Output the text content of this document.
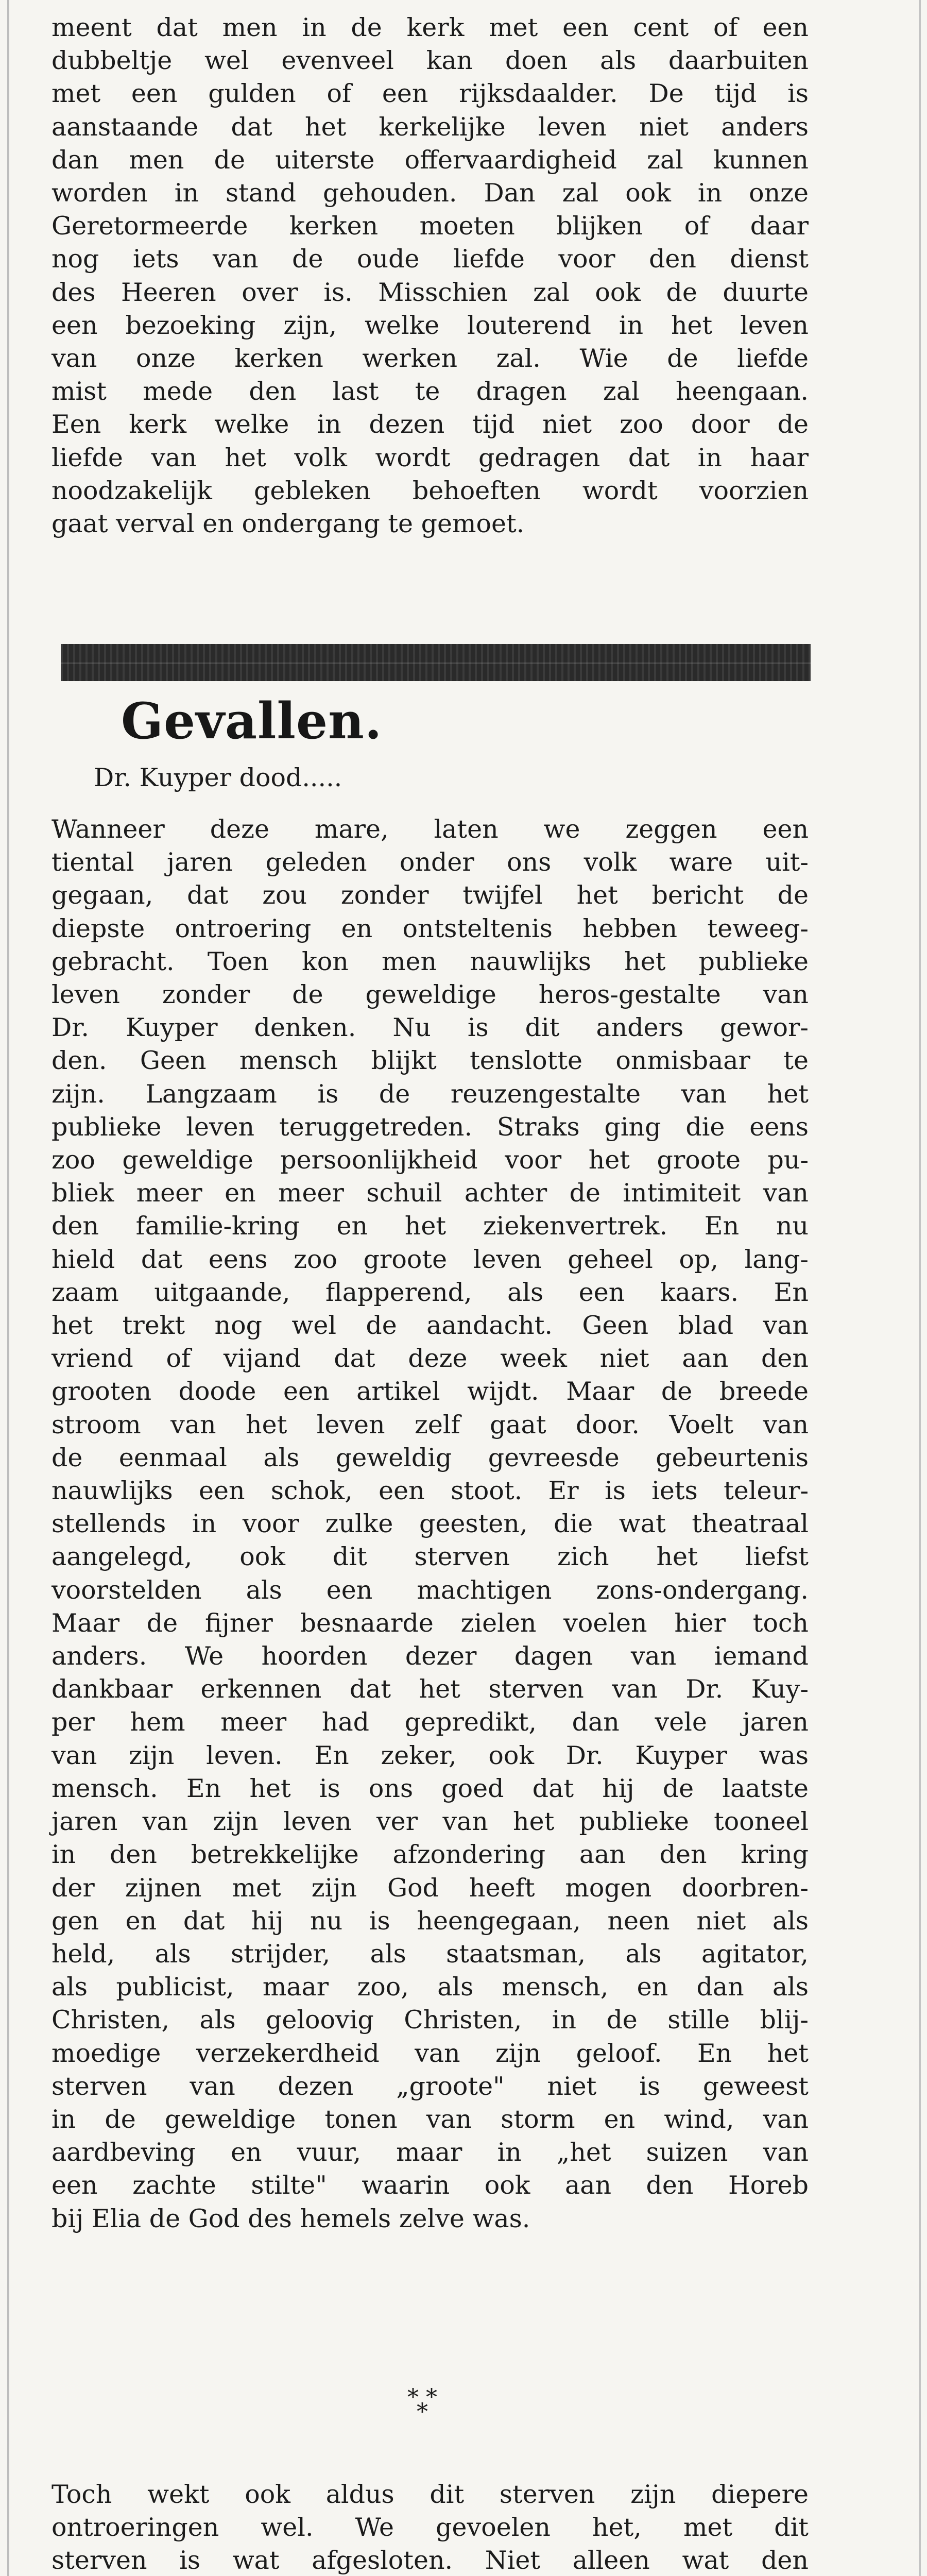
meent dat men in de kerk met een cent of een
dubbeltje wel evenveel kan doen als daarbuiten
met een gulden of een rijksdaalder. De tijd is
aanstaande dat het kerkelijke leven niet anders
dan men de uiterste offervaardigheid zal kunnen
worden in stand gehouden. Dan zal ook in onze
Geretormeerde kerken moeten blijken of daar
nog iets van de oude liefde voor den dienst
des Heeren over is. Misschien zal ook de duurte
een bezoeking zijn, welke louterend in het leven
van onze kerken werken zal. Wie de liefde
mist mede den last te dragen zal heengaan.
Een kerk welke in dezen tijd niet zoo door de
liefde van het volk wordt gedragen dat in haar
noodzakelijk gebleken behoeften wordt voorzien
gaat verval en ondergang te gemoet.
Gevallen.

Dr. Kuyper dood.....

Wanneer deze mare, laten we zeggen een
tiental jaren geleden onder ons volk ware uit-
gegaan, dat zou zonder twijfel het bericht de
diepste ontroering en ontsteltenis hebben teweeg-
gebracht. Toen kon men nauwlijks het publieke
leven zonder de geweldige heros-gestalte van
Dr. Kuyper denken. Nu is dit anders gewor-
den. Geen mensch blijkt tenslotte onmisbaar te
zijn. Langzaam is de reuzengestalte van het
publieke leven teruggetreden. Straks ging die eens
zoo geweldige persoonlijkheid voor het groote pu-
bliek meer en meer schuil achter de intimiteit van
den familie-kring en het ziekenvertrek. En nu
hield dat eens zoo groote leven geheel op, lang-
zaam uitgaande, flapperend, als een kaars. En
het trekt nog wel de aandacht. Geen blad van
vriend of vijand dat deze week niet aan den
grooten doode een artikel wijdt. Maar de breede
stroom van het leven zelf gaat door. Voelt van
de eenmaal als geweldig gevreesde gebeurtenis
nauwlijks een schok, een stoot. Er is iets teleur-
stellends in voor zulke geesten, die wat theatraal
aangelegd, ook dit sterven zich het liefst
voorstelden als een machtigen zons-ondergang.
Maar de fijner besnaarde zielen voelen hier toch
anders. We hoorden dezer dagen van iemand
dankbaar erkennen dat het sterven van Dr. Kuy-
per hem meer had gepredikt, dan vele jaren
van zijn leven. En zeker, ook Dr. Kuyper was
mensch. En het is ons goed dat hij de laatste
jaren van zijn leven ver van het publieke tooneel
in den betrekkelijke afzondering aan den kring
der zijnen met zijn God heeft mogen doorbren-
gen en dat hij nu is heengegaan, neen niet als
held, als strijder, als staatsman, als agitator,
als publicist, maar zoo, als mensch, en dan als
Christen, als geloovig Christen, in de stille blij-
moedige verzekerdheid van zijn geloof. En het
sterven van dezen „groote" niet is geweest
in de geweldige tonen van storm en wind, van
aardbeving en vuur, maar in „het suizen van
een zachte stilte" waarin ook aan den Horeb
bij Elia de God des hemels zelve was.
* *
*
Toch wekt ook aldus dit sterven zijn diepere
ontroeringen wel. We gevoelen het, met dit
sterven is wat afgesloten. Niet alleen wat den
